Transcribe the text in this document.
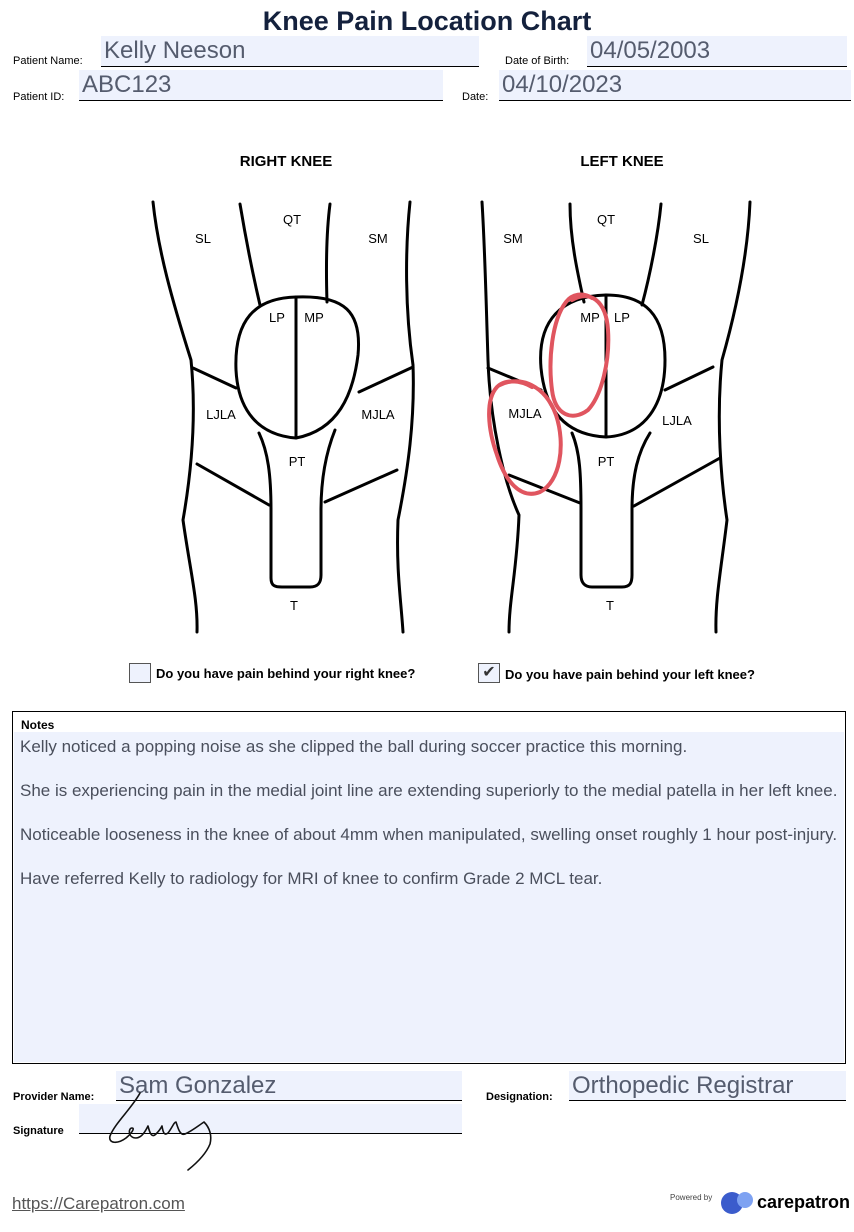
Knee Pain Location Chart
Patient Name: Kelly Neeson	Date of Birth: 04/05/2003
Patient ID: ABC123	Date: 04/10/2023
RIGHT KNEE	LEFT KNEE
SL
QT
SM
LP MP
LJLA	MJLA
PT
T
SM
QT
SL
MP LP
MJLA	LJLA
PT
T
Do you have pain behind your right knee?	✔ Do you have pain behind your left knee?
Notes

Kelly noticed a popping noise as she clipped the ball during soccer practice this morning.

She is experiencing pain in the medial joint line are extending superiorly to the medial patella in her left knee.

Noticeable looseness in the knee of about 4mm when manipulated, swelling onset roughly 1 hour post-injury.

Have referred Kelly to radiology for MRI of knee to confirm Grade 2 MCL tear.

Provider Name: Sam Gonzalez	Designation: Orthopedic Registrar
Signature
https://Carepatron.com	Powered by carepatron
